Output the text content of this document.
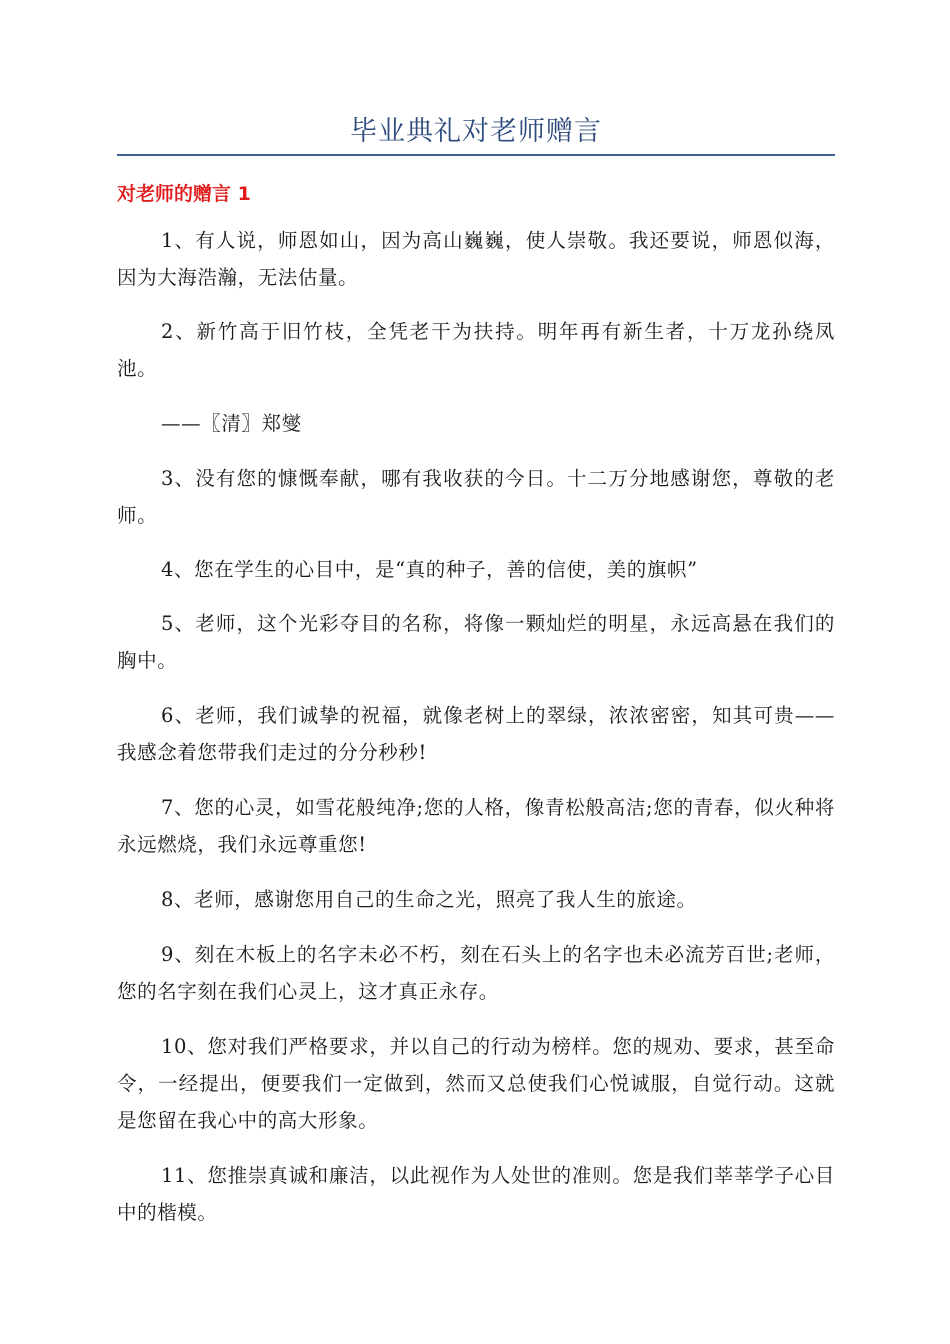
毕业典礼对老师赠言
对老师的赠言 1

1、有人说，师恩如山，因为高山巍巍，使人崇敬。我还要说，师恩似海，因为大海浩瀚，无法估量。

2、新竹高于旧竹枝，全凭老干为扶持。明年再有新生者，十万龙孙绕凤池。

——〖清〗郑燮

3、没有您的慷慨奉献，哪有我收获的今日。十二万分地感谢您，尊敬的老师。

4、您在学生的心目中，是“真的种子，善的信使，美的旗帜”

5、老师，这个光彩夺目的名称，将像一颗灿烂的明星，永远高悬在我们的胸中。

6、老师，我们诚挚的祝福，就像老树上的翠绿，浓浓密密，知其可贵——我感念着您带我们走过的分分秒秒!

7、您的心灵，如雪花般纯净;您的人格，像青松般高洁;您的青春，似火种将永远燃烧，我们永远尊重您!

8、老师，感谢您用自己的生命之光，照亮了我人生的旅途。

9、刻在木板上的名字未必不朽，刻在石头上的名字也未必流芳百世;老师，您的名字刻在我们心灵上，这才真正永存。

10、您对我们严格要求，并以自己的行动为榜样。您的规劝、要求，甚至命令，一经提出，便要我们一定做到，然而又总使我们心悦诚服，自觉行动。这就是您留在我心中的高大形象。

11、您推崇真诚和廉洁，以此视作为人处世的准则。您是我们莘莘学子心目中的楷模。
